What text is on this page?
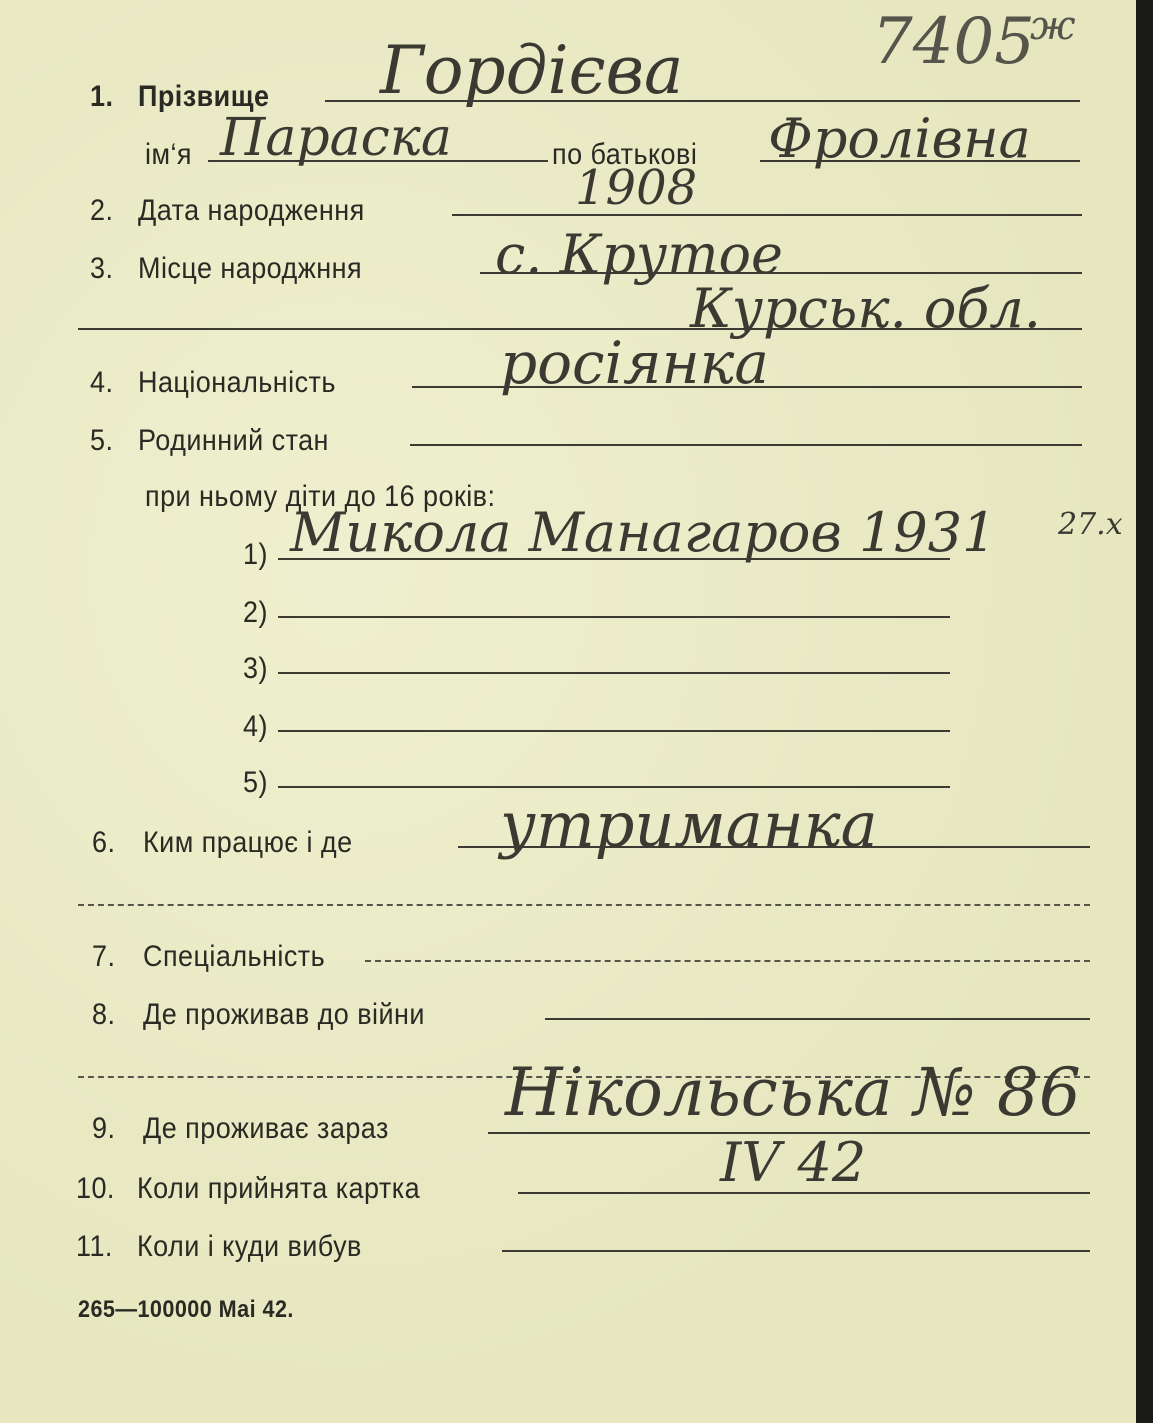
7405
ж
1. Прізвище Гордієва
ім‘я Параска	по батькові Фролівна
2. Дата народження	1908
3. Місце народжння с. Крутое
Курськ. обл.
4. Національність	росіянка
5. Родинний стан
при ньому діти до 16 років:
1) Микола Манагаров 1931 27.х
2)
3)
4)
5)
6. Ким працює і де утриманка
7. Спеціальність
8. Де проживав до війни
9. Де проживає зараз Нікольська № 86
10. Коли прийнята картка	IV 42
11. Коли і куди вибув
265—100000 Mai 42.
